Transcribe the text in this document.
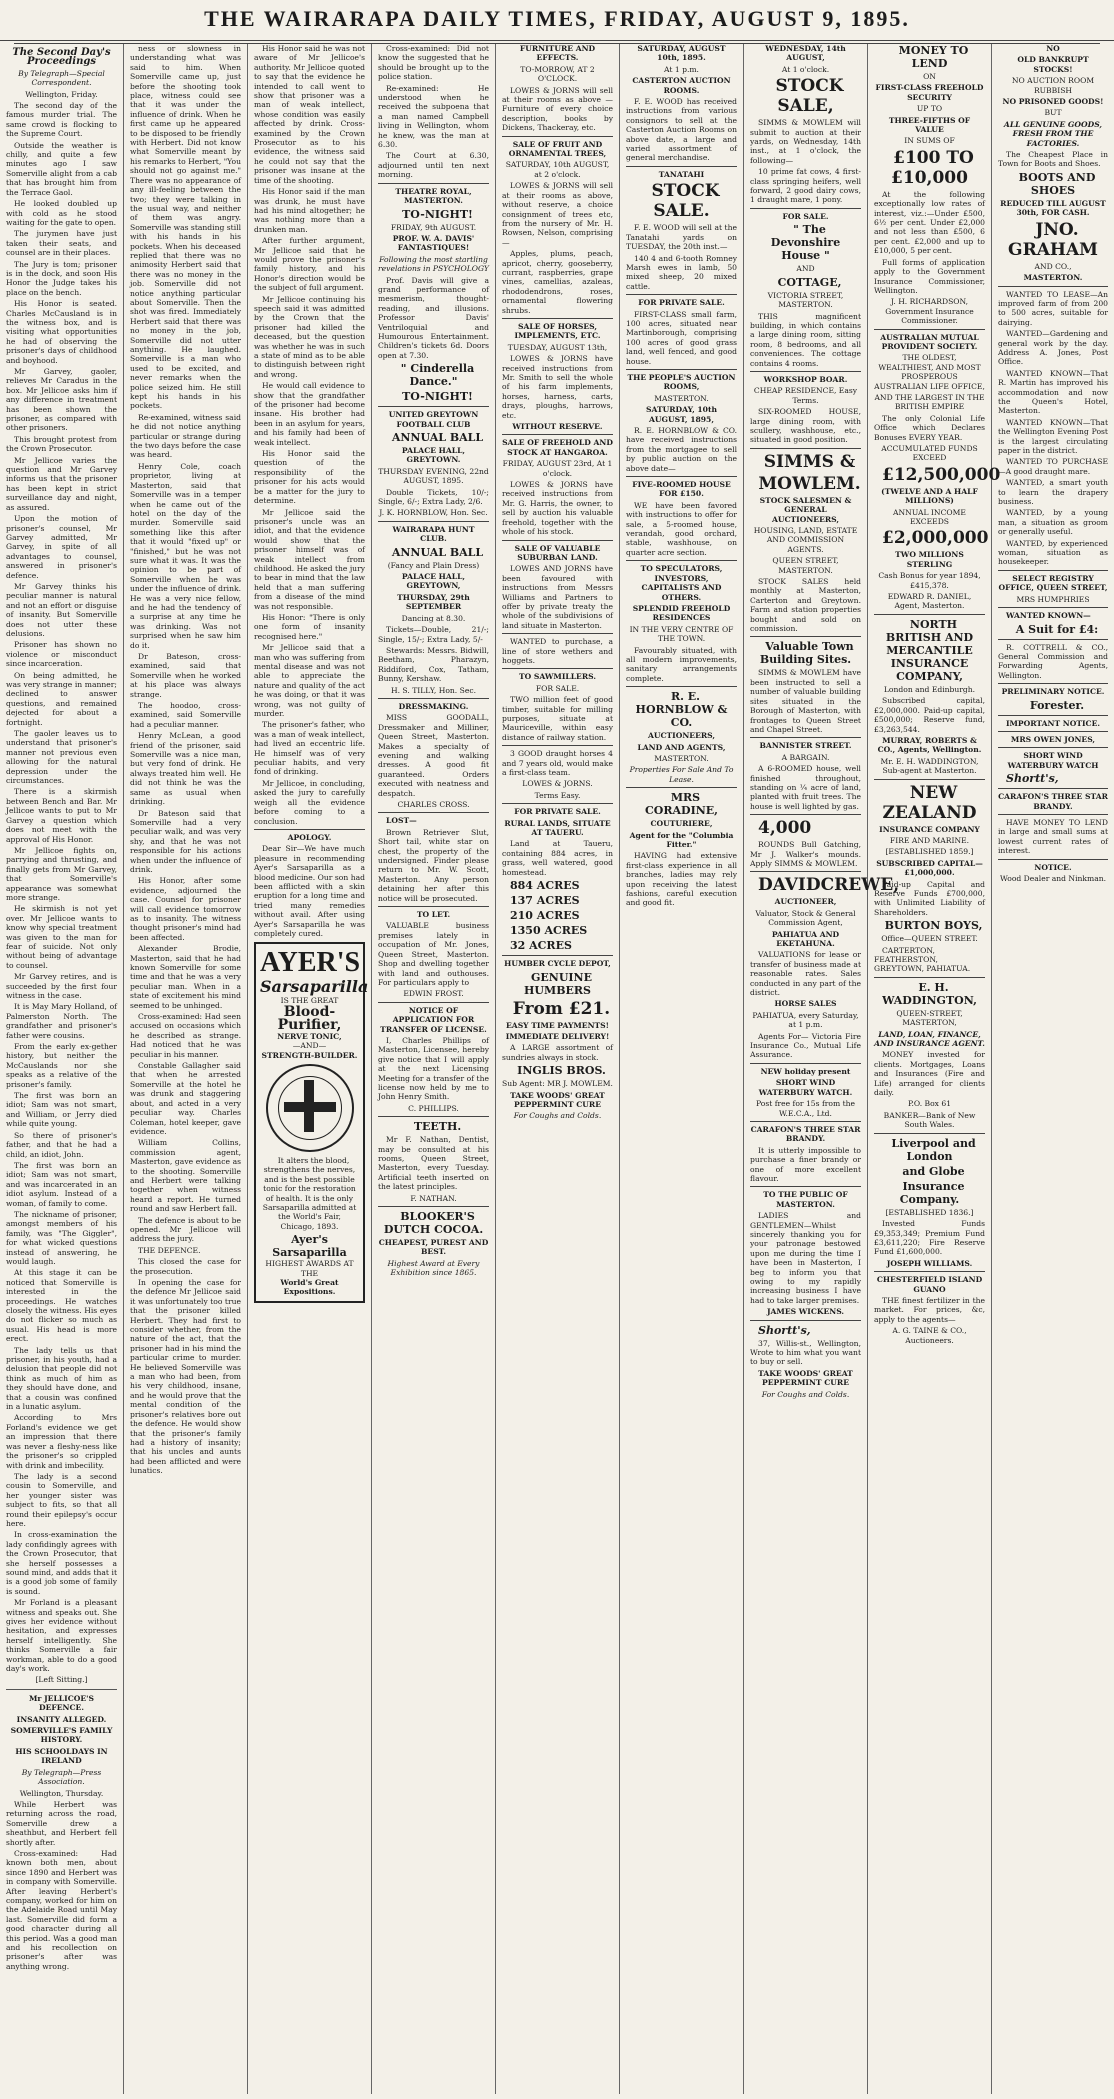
THE WAIRARAPA DAILY TIMES, FRIDAY, AUGUST 9, 1895.
The Second Day's Proceedings

By Telegraph—Special Correspondent.

Wellington, Friday.

The second day of the famous murder trial. The same crowd is flocking to the Supreme Court.

Outside the weather is chilly, and quite a few minutes ago I saw Somerville alight from a cab that has brought him from the Terrace Gaol.

He looked doubled up with cold as he stood waiting for the gate to open.

The jurymen have just taken their seats, and counsel are in their places.

The Jury is tom; prisoner is in the dock, and soon His Honor the Judge takes his place on the bench.

His Honor is seated. Charles McCausland is in the witness box, and is visiting what opportunities he had of observing the prisoner's days of childhood and boyhood.

Mr Garvey, gaoler, relieves Mr Caradus in the box. Mr Jellicoe asks him if any difference in treatment has been shown the prisoner, as compared with other prisoners.

This brought protest from the Crown Prosecutor.

Mr Jellicoe varies the question and Mr Garvey informs us that the prisoner has been kept in strict surveillance day and night, as assured.

Upon the motion of prisoner's counsel, Mr Garvey admitted, Mr Garvey, in spite of all advantages to counsel, answered in prisoner's defence.

Mr Garvey thinks his peculiar manner is natural and not an effort or disguise of insanity. But Somerville does not utter these delusions.

Prisoner has shown no violence or misconduct since incarceration.

On being admitted, he was very strange in manner; declined to answer questions, and remained dejected for about a fortnight.

The gaoler leaves us to understand that prisoner's manner not previous even allowing for the natural depression under the circumstances.

There is a skirmish between Bench and Bar. Mr Jellicoe wants to put to Mr Garvey a question which does not meet with the approval of His Honor.

Mr Jellicoe fights on, parrying and thrusting, and finally gets from Mr Garvey, that Somerville's appearance was somewhat more strange.

He skirmish is not yet over. Mr Jellicoe wants to know why special treatment was given to the man for fear of suicide. Not only without being of advantage to counsel.

Mr Garvey retires, and is succeeded by the first four witness in the case.

It is May Mary Holland, of Palmerston North. The grandfather and prisoner's father were cousins.

From the early ex-gether history, but neither the McCauslands nor she speaks as a relative of the prisoner's family.

The first was born an idiot; Sam was not smart, and William, or Jerry died while quite young.

So there of prisoner's father, and that he had a child, an idiot, John.

The first was born an idiot; Sam was not smart, and was incarcerated in an idiot asylum. Instead of a woman, of family to come.

The nickname of prisoner, amongst members of his family, was "The Giggler", for what wicked questions instead of answering, he would laugh.

At this stage it can be noticed that Somerville is interested in the proceedings. He watches closely the witness. His eyes do not flicker so much as usual. His head is more erect.

The lady tells us that prisoner, in his youth, had a delusion that people did not think as much of him as they should have done, and that a cousin was confined in a lunatic asylum.

According to Mrs Forland's evidence we get an impression that there was never a fleshy-ness like the prisoner's so crippled with drink and imbecility.

The lady is a second cousin to Somerville, and her younger sister was subject to fits, so that all round their epilepsy's occur here.

In cross-examination the lady confidingly agrees with the Crown Prosecutor, that she herself possesses a sound mind, and adds that it is a good job some of family is sound.

Mr Forland is a pleasant witness and speaks out. She gives her evidence without hesitation, and expresses herself intelligently. She thinks Somerville a fair workman, able to do a good day's work.

[Left Sitting.]

Mr JELLICOE'S DEFENCE.

INSANITY ALLEGED.

SOMERVILLE'S FAMILY HISTORY.

HIS SCHOOLDAYS IN IRELAND

By Telegraph—Press Association.

Wellington, Thursday.

While Herbert was returning across the road, Somerville drew a sheathbut, and Herbert fell shortly after.

Cross-examined: Had known both men, about since 1890 and Herbert was in company with Somerville. After leaving Herbert's company, worked for him on the Adelaide Road until May last. Somerville did form a good character during all this period. Was a good man and his recollection on prisoner's after was anything wrong.

ness or slowness in understanding what was said to him. When Somerville came up, just before the shooting took place, witness could see that it was under the influence of drink. When he first came up he appeared to be disposed to be friendly with Herbert. Did not know what Somerville meant by his remarks to Herbert, "You should not go against me." There was no appearance of any ill-feeling between the two; they were talking in the usual way, and neither of them was angry. Somerville was standing still with his hands in his pockets. When his deceased replied that there was no animosity Herbert said that there was no money in the job. Somerville did not notice anything particular about Somerville. Then the shot was fired. Immediately Herbert said that there was no money in the job, Somerville did not utter anything. He laughed. Somerville is a man who used to be excited, and never remarks when the police seized him. He still kept his hands in his pockets.

Re-examined, witness said he did not notice anything particular or strange during the two days before the case was heard.

Henry Cole, coach proprietor, living at Masterton, said that Somerville was in a temper when he came out of the hotel on the day of the murder. Somerville said something like this after that it would "fixed up" or "finished," but he was not sure what it was. It was the opinion to be part of Somerville when he was under the influence of drink. He was a very nice fellow, and he had the tendency of a surprise at any time he was drinking. Was not surprised when he saw him do it.

Dr Bateson, cross-examined, said that Somerville when he worked at his place was always strange.

The hoodoo, cross-examined, said Somerville had a peculiar manner.

Henry McLean, a good friend of the prisoner, said Somerville was a nice man, but very fond of drink. He always treated him well. He did not think he was the same as usual when drinking.

Dr Bateson said that Somerville had a very peculiar walk, and was very shy, and that he was not responsible for his actions when under the influence of drink.

His Honor, after some evidence, adjourned the case. Counsel for prisoner will call evidence tomorrow as to insanity. The witness thought prisoner's mind had been affected.

Alexander Brodie, Masterton, said that he had known Somerville for some time and that he was a very peculiar man. When in a state of excitement his mind seemed to be unhinged.

Cross-examined: Had seen accused on occasions which he described as strange. Had noticed that he was peculiar in his manner.

Constable Gallagher said that when he arrested Somerville at the hotel he was drunk and staggering about, and acted in a very peculiar way. Charles Coleman, hotel keeper, gave evidence.

William Collins, commission agent, Masterton, gave evidence as to the shooting. Somerville and Herbert were talking together when witness heard a report. He turned round and saw Herbert fall.

The defence is about to be opened. Mr Jellicoe will address the jury.

THE DEFENCE.

This closed the case for the prosecution.

In opening the case for the defence Mr Jellicoe said it was unfortunately too true that the prisoner killed Herbert. They had first to consider whether, from the nature of the act, that the prisoner had in his mind the particular crime to murder. He believed Somerville was a man who had been, from his very childhood, insane, and he would prove that the mental condition of the prisoner's relatives bore out the defence. He would show that the prisoner's family had a history of insanity; that his uncles and aunts had been afflicted and were lunatics.

His Honor said he was not aware of Mr Jellicoe's authority. Mr Jellicoe quoted to say that the evidence he intended to call went to show that prisoner was a man of weak intellect, whose condition was easily affected by drink. Cross-examined by the Crown Prosecutor as to his evidence, the witness said he could not say that the prisoner was insane at the time of the shooting.

His Honor said if the man was drunk, he must have had his mind altogether; he was nothing more than a drunken man.

After further argument, Mr Jellicoe said that he would prove the prisoner's family history, and his Honor's direction would be the subject of full argument.

Mr Jellicoe continuing his speech said it was admitted by the Crown that the prisoner had killed the deceased, but the question was whether he was in such a state of mind as to be able to distinguish between right and wrong.

He would call evidence to show that the grandfather of the prisoner had become insane. His brother had been in an asylum for years, and his family had been of weak intellect.

His Honor said the question of the responsibility of the prisoner for his acts would be a matter for the jury to determine.

Mr Jellicoe said the prisoner's uncle was an idiot, and that the evidence would show that the prisoner himself was of weak intellect from childhood. He asked the jury to bear in mind that the law held that a man suffering from a disease of the mind was not responsible.

His Honor: "There is only one form of insanity recognised here."

Mr Jellicoe said that a man who was suffering from mental disease and was not able to appreciate the nature and quality of the act he was doing, or that it was wrong, was not guilty of murder.

The prisoner's father, who was a man of weak intellect, had lived an eccentric life. He himself was of very peculiar habits, and very fond of drinking.

Mr Jellicoe, in concluding, asked the jury to carefully weigh all the evidence before coming to a conclusion.

APOLOGY.

Dear Sir—We have much pleasure in recommending Ayer's Sarsaparilla as a blood medicine. Our son had been afflicted with a skin eruption for a long time and tried many remedies without avail. After using Ayer's Sarsaparilla he was completely cured.

AYER'S
Sarsaparilla
IS THE GREAT
Blood-Purifier,
NERVE TONIC,
—AND—
STRENGTH-BUILDER.

It alters the blood, strengthens the nerves, and is the best possible tonic for the restoration of health. It is the only Sarsaparilla admitted at the World's Fair, Chicago, 1893.

Ayer's Sarsaparilla
HIGHEST AWARDS AT THE
World's Great Expositions.

Cross-examined: Did not know the suggested that he should be brought up to the police station.

Re-examined: He understood when he received the subpoena that a man named Campbell living in Wellington, whom he knew, was the man at 6.30.

The Court at 6.30, adjourned until ten next morning.

THEATRE ROYAL, MASTERTON.

TO-NIGHT!

FRIDAY, 9th AUGUST.

PROF. W. A. DAVIS' FANTASTIQUES!

Following the most startling revelations in PSYCHOLOGY

Prof. Davis will give a grand performance of mesmerism, thought-reading, and illusions. Professor Davis' Ventriloquial and Humourous Entertainment. Children's tickets 6d. Doors open at 7.30.

" Cinderella Dance."

TO-NIGHT!

UNITED GREYTOWN FOOTBALL CLUB

ANNUAL BALL

PALACE HALL, GREYTOWN.

THURSDAY EVENING, 22nd AUGUST, 1895.

Double Tickets, 10/-; Single, 6/-; Extra Lady, 2/6.

J. K. HORNBLOW, Hon. Sec.

WAIRARAPA HUNT CLUB.

ANNUAL BALL

(Fancy and Plain Dress)

PALACE HALL, GREYTOWN,

THURSDAY, 29th SEPTEMBER

Dancing at 8.30.

Tickets—Double, 21/-; Single, 15/-; Extra Lady, 5/-

Stewards: Messrs. Bidwill, Beetham, Pharazyn, Riddiford, Cox, Tatham, Bunny, Kershaw.

H. S. TILLY, Hon. Sec.

DRESSMAKING.

MISS GOODALL, Dressmaker and Milliner, Queen Street, Masterton. Makes a specialty of evening and walking dresses. A good fit guaranteed. Orders executed with neatness and despatch.

CHARLES CROSS.

LOST—

Brown Retriever Slut, Short tail, white star on chest, the property of the undersigned. Finder please return to Mr. W. Scott, Masterton. Any person detaining her after this notice will be prosecuted.

TO LET.

VALUABLE business premises lately in occupation of Mr. Jones, Queen Street, Masterton. Shop and dwelling together with land and outhouses. For particulars apply to

EDWIN FROST.

NOTICE OF APPLICATION FOR TRANSFER OF LICENSE.

I, Charles Phillips of Masterton, Licensee, hereby give notice that I will apply at the next Licensing Meeting for a transfer of the license now held by me to John Henry Smith.

C. PHILLIPS.

TEETH.

Mr F. Nathan, Dentist, may be consulted at his rooms, Queen Street, Masterton, every Tuesday. Artificial teeth inserted on the latest principles.

F. NATHAN.

BLOOKER'S DUTCH COCOA.

CHEAPEST, PUREST AND BEST.

Highest Award at Every Exhibition since 1865.

FURNITURE AND EFFECTS.

TO-MORROW, AT 2 O'CLOCK.

LOWES & JORNS will sell at their rooms as above — Furniture of every choice description, books by Dickens, Thackeray, etc.

SALE OF FRUIT AND ORNAMENTAL TREES,

SATURDAY, 10th AUGUST, at 2 o'clock.

LOWES & JORNS will sell at their rooms as above, without reserve, a choice consignment of trees etc, from the nursery of Mr. H. Rowsen, Nelson, comprising—

Apples, plums, peach, apricot, cherry, gooseberry, currant, raspberries, grape vines, camellias, azaleas, rhododendrons, roses, ornamental flowering shrubs.

SALE OF HORSES, IMPLEMENTS, ETC.

TUESDAY, AUGUST 13th,

LOWES & JORNS have received instructions from Mr. Smith to sell the whole of his farm implements, horses, harness, carts, drays, ploughs, harrows, etc.

WITHOUT RESERVE.

SALE OF FREEHOLD AND STOCK AT HANGAROA.

FRIDAY, AUGUST 23rd, At 1 o'clock.

LOWES & JORNS have received instructions from Mr. G. Harris, the owner, to sell by auction his valuable freehold, together with the whole of his stock.

SALE OF VALUABLE SUBURBAN LAND.

LOWES AND JORNS have been favoured with instructions from Messrs Williams and Partners to offer by private treaty the whole of the subdivisions of land situate in Masterton.

WANTED to purchase, a line of store wethers and hoggets.

TO SAWMILLERS.

FOR SALE.

TWO million feet of good timber, suitable for milling purposes, situate at Mauriceville, within easy distance of railway station.

3 GOOD draught horses 4 and 7 years old, would make a first-class team.

LOWES & JORNS.

Terms Easy.

FOR PRIVATE SALE.

RURAL LANDS, SITUATE AT TAUERU.

Land at Taueru, containing 884 acres, in grass, well watered, good homestead.

884 ACRES

137 ACRES

210 ACRES

1350 ACRES

32 ACRES

HUMBER CYCLE DEPOT,

GENUINE HUMBERS

From £21.

EASY TIME PAYMENTS!

IMMEDIATE DELIVERY!

A LARGE assortment of sundries always in stock.

INGLIS BROS.

Sub Agent: MR J. MOWLEM.

TAKE WOODS' GREAT PEPPERMINT CURE

For Coughs and Colds.

SATURDAY, AUGUST 10th, 1895.

At 1 p.m.

CASTERTON AUCTION ROOMS.

F. E. WOOD has received instructions from various consignors to sell at the Casterton Auction Rooms on above date, a large and varied assortment of general merchandise.

TANATAHI

STOCK SALE.

F. E. WOOD will sell at the Tanatahi yards on TUESDAY, the 20th inst.—

140 4 and 6-tooth Romney Marsh ewes in lamb, 50 mixed sheep, 20 mixed cattle.

FOR PRIVATE SALE.

FIRST-CLASS small farm, 100 acres, situated near Martinborough, comprising 100 acres of good grass land, well fenced, and good house.

THE PEOPLE'S AUCTION ROOMS,

MASTERTON.

SATURDAY, 10th AUGUST, 1895,

R. E. HORNBLOW & CO. have received instructions from the mortgagee to sell by public auction on the above date—

FIVE-ROOMED HOUSE FOR £150.

WE have been favored with instructions to offer for sale, a 5-roomed house, verandah, good orchard, stable, washhouse, on quarter acre section.

TO SPECULATORS, INVESTORS, CAPITALISTS AND OTHERS.

SPLENDID FREEHOLD RESIDENCES

IN THE VERY CENTRE OF THE TOWN.

Favourably situated, with all modern improvements, sanitary arrangements complete.

R. E. HORNBLOW & CO.

AUCTIONEERS,

LAND AND AGENTS,

MASTERTON.

Properties For Sale And To Lease.

MRS CORADINE,

COUTURIERE,

Agent for the "Columbia Fitter."

HAVING had extensive first-class experience in all branches, ladies may rely upon receiving the latest fashions, careful execution and good fit.

WEDNESDAY, 14th AUGUST,

At 1 o'clock.

STOCK SALE,

SIMMS & MOWLEM will submit to auction at their yards, on Wednesday, 14th inst., at 1 o'clock, the following—

10 prime fat cows, 4 first-class springing heifers, well forward, 2 good dairy cows, 1 draught mare, 1 pony.

FOR SALE.

" The Devonshire House "

AND

COTTAGE,

VICTORIA STREET, MASTERTON.

THIS magnificent building, in which contains a large dining room, sitting room, 8 bedrooms, and all conveniences. The cottage contains 4 rooms.

WORKSHOP BOAR.

CHEAP RESIDENCE, Easy Terms.

SIX-ROOMED HOUSE, large dining room, with scullery, washhouse, etc., situated in good position.

SIMMS &

MOWLEM.

STOCK SALESMEN & GENERAL AUCTIONEERS,

HOUSING, LAND, ESTATE AND COMMISSION AGENTS.

QUEEN STREET, MASTERTON.

STOCK SALES held monthly at Masterton, Carterton and Greytown. Farm and station properties bought and sold on commission.

Valuable Town Building Sites.

SIMMS & MOWLEM have been instructed to sell a number of valuable building sites situated in the Borough of Masterton, with frontages to Queen Street and Chapel Street.

BANNISTER STREET.

A BARGAIN.

A 6-ROOMED house, well finished throughout, standing on ¼ acre of land, planted with fruit trees. The house is well lighted by gas.

4,000

ROUNDS Bull Gatching, Mr J. Walker's mounds. Apply SIMMS & MOWLEM.

DAVIDCREWE,

AUCTIONEER,

Valuator, Stock & General Commission Agent,

PAHIATUA AND EKETAHUNA.

VALUATIONS for lease or transfer of business made at reasonable rates. Sales conducted in any part of the district.

HORSE SALES

PAHIATUA, every Saturday, at 1 p.m.

Agents For— Victoria Fire Insurance Co., Mutual Life Assurance.

NEW holiday present

SHORT WIND WATERBURY WATCH.

Post free for 15s from the W.E.C.A., Ltd.

CARAFON'S THREE STAR BRANDY.

It is utterly impossible to purchase a finer brandy or one of more excellent flavour.

TO THE PUBLIC OF MASTERTON.

LADIES and GENTLEMEN—Whilst sincerely thanking you for your patronage bestowed upon me during the time I have been in Masterton, I beg to inform you that owing to my rapidly increasing business I have had to take larger premises.

JAMES WICKENS.

Shortt's,

37, Willis-st., Wellington, Wrote to him what you want to buy or sell.

TAKE WOODS' GREAT PEPPERMINT CURE

For Coughs and Colds.

MONEY TO LEND

ON

FIRST-CLASS FREEHOLD SECURITY

UP TO

THREE-FIFTHS OF VALUE

IN SUMS OF

£100 TO £10,000

At the following exceptionally low rates of interest, viz.:—Under £500, 6½ per cent. Under £2,000 and not less than £500, 6 per cent. £2,000 and up to £10,000, 5 per cent.

Full forms of application apply to the Government Insurance Commissioner, Wellington.

J. H. RICHARDSON, Government Insurance Commissioner.

AUSTRALIAN MUTUAL PROVIDENT SOCIETY.

THE OLDEST, WEALTHIEST, AND MOST PROSPEROUS AUSTRALIAN LIFE OFFICE,

AND THE LARGEST IN THE BRITISH EMPIRE

The only Colonial Life Office which Declares Bonuses EVERY YEAR.

ACCUMULATED FUNDS EXCEED

£12,500,000

(TWELVE AND A HALF MILLIONS)

ANNUAL INCOME EXCEEDS

£2,000,000

TWO MILLIONS STERLING

Cash Bonus for year 1894, £415,378.

EDWARD R. DANIEL, Agent, Masterton.

NORTH BRITISH AND MERCANTILE INSURANCE COMPANY,

London and Edinburgh.

Subscribed capital, £2,000,000. Paid-up capital, £500,000; Reserve fund, £3,263,544.

MURRAY, ROBERTS & CO., Agents, Wellington.

Mr. E. H. WADDINGTON, Sub-agent at Masterton.

NEW ZEALAND

INSURANCE COMPANY

FIRE AND MARINE.

[ESTABLISHED 1859.]

SUBSCRIBED CAPITAL—£1,000,000.

Paid-up Capital and Reserve Funds £700,000, with Unlimited Liability of Shareholders.

BURTON BOYS,

Office—QUEEN STREET.

CARTERTON, FEATHERSTON, GREYTOWN, PAHIATUA.

E. H. WADDINGTON,

QUEEN-STREET, MASTERTON,

LAND, LOAN, FINANCE, AND INSURANCE AGENT.

MONEY invested for clients. Mortgages, Loans and Insurances (Fire and Life) arranged for clients daily.

P.O. Box 61

BANKER—Bank of New South Wales.

Liverpool and London

and Globe

Insurance Company.

[ESTABLISHED 1836.]

Invested Funds £9,353,349; Premium Fund £3,611,220; Fire Reserve Fund £1,600,000.

JOSEPH WILLIAMS.

CHESTERFIELD ISLAND GUANO

THE finest fertilizer in the market. For prices, &c, apply to the agents—

A. G. TAINE & CO., Auctioneers.

NO

OLD BANKRUPT STOCKS!

NO AUCTION ROOM RUBBISH

NO PRISONED GOODS!

BUT

ALL GENUINE GOODS, FRESH FROM THE FACTORIES.

The Cheapest Place in Town for Boots and Shoes.

BOOTS AND SHOES

REDUCED TILL AUGUST 30th, FOR CASH.

JNO. GRAHAM

AND CO.,

MASTERTON.

WANTED TO LEASE—An improved farm of from 200 to 500 acres, suitable for dairying.

WANTED—Gardening and general work by the day. Address A. Jones, Post Office.

WANTED KNOWN—That R. Martin has improved his accommodation and now the Queen's Hotel, Masterton.

WANTED KNOWN—That the Wellington Evening Post is the largest circulating paper in the district.

WANTED TO PURCHASE—A good draught mare.

WANTED, a smart youth to learn the drapery business.

WANTED, by a young man, a situation as groom or generally useful.

WANTED, by experienced woman, situation as housekeeper.

SELECT REGISTRY OFFICE, QUEEN STREET,

MRS HUMPHRIES

WANTED KNOWN—

A Suit for £4:

R. COTTRELL & CO., General Commission and Forwarding Agents, Wellington.

PRELIMINARY NOTICE.

Forester.

IMPORTANT NOTICE.

MRS OWEN JONES,

SHORT WIND WATERBURY WATCH

Shortt's,

CARAFON'S THREE STAR BRANDY.

HAVE MONEY TO LEND in large and small sums at lowest current rates of interest.

NOTICE.

Wood Dealer and Ninkman.
